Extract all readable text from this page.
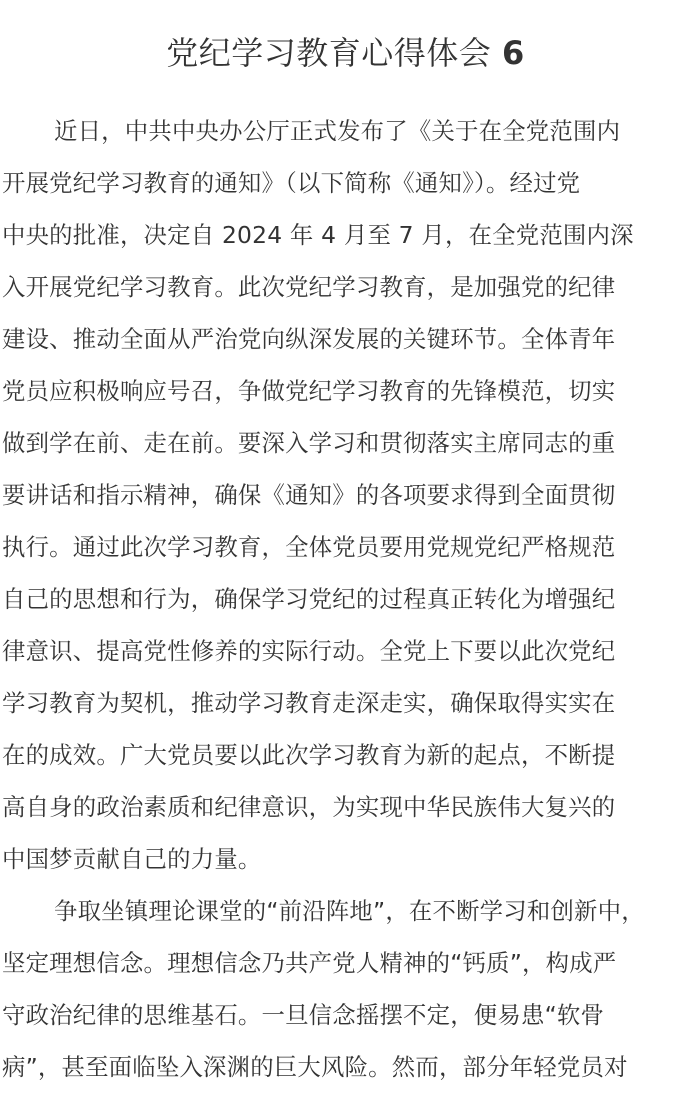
党纪学习教育心得体会 6

近日，中共中央办公厅正式发布了《关于在全党范围内
开展党纪学习教育的通知》（以下简称《通知》）。经过党
中央的批准，决定自 2024 年 4 月至 7 月，在全党范围内深
入开展党纪学习教育。此次党纪学习教育，是加强党的纪律
建设、推动全面从严治党向纵深发展的关键环节。全体青年
党员应积极响应号召，争做党纪学习教育的先锋模范，切实
做到学在前、走在前。要深入学习和贯彻落实主席同志的重
要讲话和指示精神，确保《通知》的各项要求得到全面贯彻
执行。通过此次学习教育，全体党员要用党规党纪严格规范
自己的思想和行为，确保学习党纪的过程真正转化为增强纪
律意识、提高党性修养的实际行动。全党上下要以此次党纪
学习教育为契机，推动学习教育走深走实，确保取得实实在
在的成效。广大党员要以此次学习教育为新的起点，不断提
高自身的政治素质和纪律意识，为实现中华民族伟大复兴的
中国梦贡献自己的力量。

争取坐镇理论课堂的“前沿阵地”，在不断学习和创新中，
坚定理想信念。理想信念乃共产党人精神的“钙质”，构成严
守政治纪律的思维基石。一旦信念摇摆不定，便易患“软骨
病”，甚至面临坠入深渊的巨大风险。然而，部分年轻党员对
